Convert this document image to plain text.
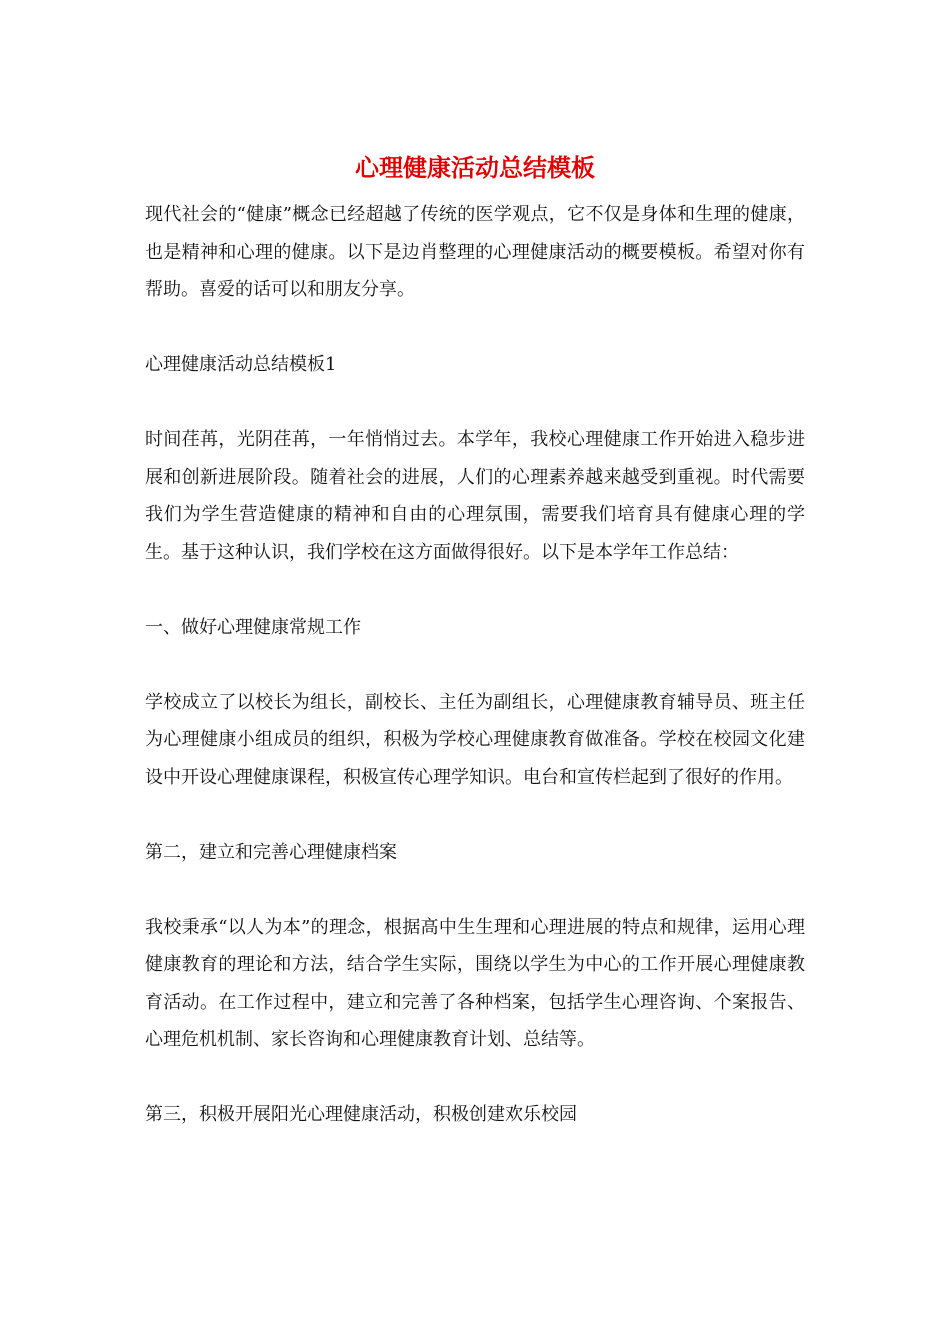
心理健康活动总结模板

现代社会的“健康”概念已经超越了传统的医学观点，它不仅是身体和生理的健康，也是精神和心理的健康。以下是边肖整理的心理健康活动的概要模板。希望对你有帮助。喜爱的话可以和朋友分享。

心理健康活动总结模板1

时间荏苒，光阴荏苒，一年悄悄过去。本学年，我校心理健康工作开始进入稳步进展和创新进展阶段。随着社会的进展，人们的心理素养越来越受到重视。时代需要我们为学生营造健康的精神和自由的心理氛围，需要我们培育具有健康心理的学生。基于这种认识，我们学校在这方面做得很好。以下是本学年工作总结：

一、做好心理健康常规工作

学校成立了以校长为组长，副校长、主任为副组长，心理健康教育辅导员、班主任为心理健康小组成员的组织，积极为学校心理健康教育做准备。学校在校园文化建设中开设心理健康课程，积极宣传心理学知识。电台和宣传栏起到了很好的作用。

第二，建立和完善心理健康档案

我校秉承“以人为本”的理念，根据高中生生理和心理进展的特点和规律，运用心理健康教育的理论和方法，结合学生实际，围绕以学生为中心的工作开展心理健康教育活动。在工作过程中，建立和完善了各种档案，包括学生心理咨询、个案报告、心理危机机制、家长咨询和心理健康教育计划、总结等。

第三，积极开展阳光心理健康活动，积极创建欢乐校园
